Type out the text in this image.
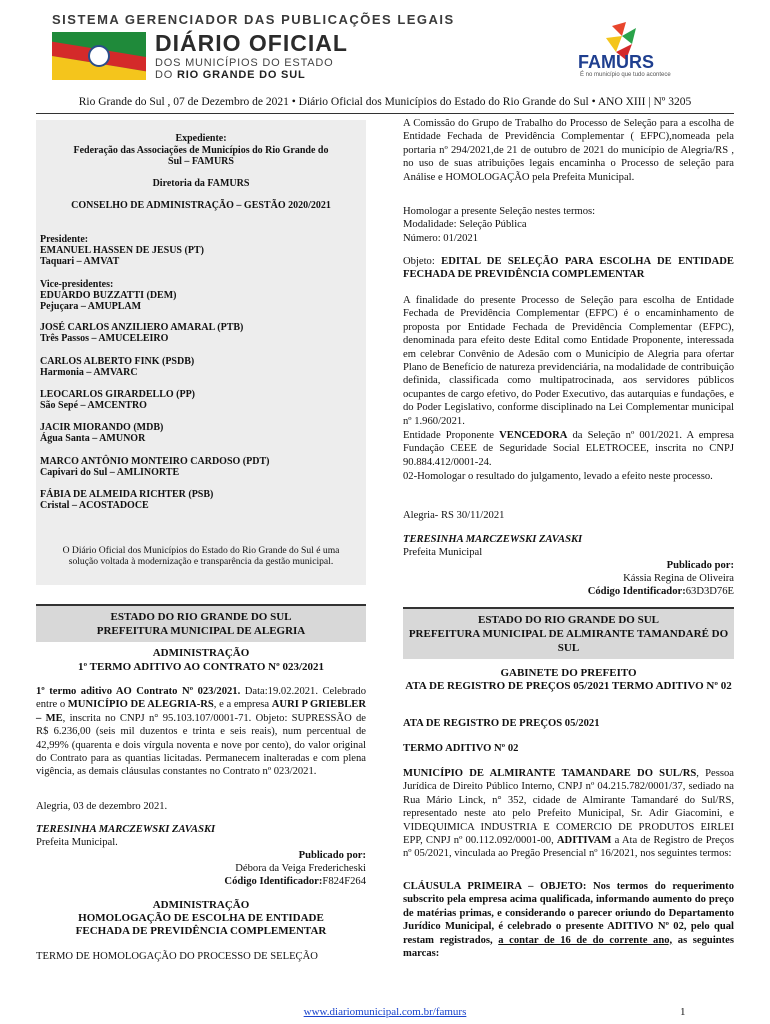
SISTEMA GERENCIADOR DAS PUBLICAÇÕES LEGAIS
DIÁRIO OFICIAL
DOS MUNICÍPIOS DO ESTADO
DO RIO GRANDE DO SUL
FAMURS
É no município que tudo acontece
Rio Grande do Sul , 07 de Dezembro de 2021 • Diário Oficial dos Municípios do Estado do Rio Grande do Sul • ANO XIII | Nº 3205
Expediente:
Federação das Associações de Municípios do Rio Grande do Sul – FAMURS
Diretoria da FAMURS
CONSELHO DE ADMINISTRAÇÃO – GESTÃO 2020/2021
Presidente:
EMANUEL HASSEN DE JESUS (PT)
Taquari – AMVAT
Vice-presidentes:
EDUARDO BUZZATTI (DEM)
Pejuçara – AMUPLAM
JOSÉ CARLOS ANZILIERO AMARAL (PTB)
Três Passos – AMUCELEIRO
CARLOS ALBERTO FINK (PSDB)
Harmonia – AMVARC
LEOCARLOS GIRARDELLO (PP)
São Sepé – AMCENTRO
JACIR MIORANDO (MDB)
Água Santa – AMUNOR
MARCO ANTÔNIO MONTEIRO CARDOSO (PDT)
Capivari do Sul – AMLINORTE
FÁBIA DE ALMEIDA RICHTER (PSB)
Cristal – ACOSTADOCE
O Diário Oficial dos Municípios do Estado do Rio Grande do Sul é uma solução voltada à modernização e transparência da gestão municipal.
ESTADO DO RIO GRANDE DO SUL
PREFEITURA MUNICIPAL DE ALEGRIA
ADMINISTRAÇÃO
1º TERMO ADITIVO AO CONTRATO Nº 023/2021

1º termo aditivo AO Contrato Nº 023/2021. Data:19.02.2021. Celebrado entre o MUNICÍPIO DE ALEGRIA-RS, e a empresa AURI P GRIEBLER – ME, inscrita no CNPJ n° 95.103.107/0001-71. Objeto: SUPRESSÃO de R$ 6.236,00 (seis mil duzentos e trinta e seis reais), num percentual de 42,99% (quarenta e dois vírgula noventa e nove por cento), do valor original do Contrato para as quantias licitadas. Permanecem inalteradas e com plena vigência, as demais cláusulas constantes no Contrato nº 023/2021.

Alegria, 03 de dezembro 2021.
TERESINHA MARCZEWSKI ZAVASKI
Prefeita Municipal.
Publicado por:
Débora da Veiga Fredericheski
Código Identificador:F824F264
ADMINISTRAÇÃO
HOMOLOGAÇÃO DE ESCOLHA DE ENTIDADE FECHADA DE PREVIDÊNCIA COMPLEMENTAR
TERMO DE HOMOLOGAÇÃO DO PROCESSO DE SELEÇÃO

A Comissão do Grupo de Trabalho do Processo de Seleção para a escolha de Entidade Fechada de Previdência Complementar ( EFPC),nomeada pela portaria nº 294/2021,de 21 de outubro de 2021 do município de Alegria/RS , no uso de suas atribuições legais encaminha o Processo de seleção para Análise e HOMOLOGAÇÃO pela Prefeita Municipal.

Homologar a presente Seleção nestes termos:
Modalidade: Seleção Pública
Número: 01/2021

Objeto: EDITAL DE SELEÇÃO PARA ESCOLHA DE ENTIDADE FECHADA DE PREVIDÊNCIA COMPLEMENTAR

A finalidade do presente Processo de Seleção para escolha de Entidade Fechada de Previdência Complementar (EFPC) é o encaminhamento de proposta por Entidade Fechada de Previdência Complementar (EFPC), denominada para efeito deste Edital como Entidade Proponente, interessada em celebrar Convênio de Adesão com o Município de Alegria para ofertar Plano de Benefício de natureza previdenciária, na modalidade de contribuição definida, classificada como multipatrocinada, aos servidores públicos ocupantes de cargo efetivo, do Poder Executivo, das autarquias e fundações, e do Poder Legislativo, conforme disciplinado na Lei Complementar municipal nº 1.960/2021.

Entidade Proponente VENCEDORA da Seleção nº 001/2021. A empresa Fundação CEEE de Seguridade Social ELETROCEE, inscrita no CNPJ 90.884.412/0001-24.

02-Homologar o resultado do julgamento, levado a efeito neste processo.

Alegria- RS 30/11/2021
TERESINHA MARCZEWSKI ZAVASKI
Prefeita Municipal
Publicado por:
Kássia Regina de Oliveira
Código Identificador:63D3D76E
ESTADO DO RIO GRANDE DO SUL
PREFEITURA MUNICIPAL DE ALMIRANTE TAMANDARÉ DO SUL
GABINETE DO PREFEITO
ATA DE REGISTRO DE PREÇOS 05/2021 TERMO ADITIVO Nº 02
ATA DE REGISTRO DE PREÇOS 05/2021
TERMO ADITIVO Nº 02

MUNICÍPIO DE ALMIRANTE TAMANDARE DO SUL/RS, Pessoa Jurídica de Direito Público Interno, CNPJ nº 04.215.782/0001/37, sediado na Rua Mário Linck, n° 352, cidade de Almirante Tamandaré do Sul/RS, representado neste ato pelo Prefeito Municipal, Sr. Adir Giacomini, e VIDEQUIMICA INDUSTRIA E COMERCIO DE PRODUTOS EIRLEI EPP, CNPJ nº 00.112.092/0001-00, ADITIVAM a Ata de Registro de Preços nº 05/2021, vinculada ao Pregão Presencial nº 16/2021, nos seguintes termos:

CLÁUSULA PRIMEIRA – OBJETO: Nos termos do requerimento subscrito pela empresa acima qualificada, informando aumento do preço de matérias primas, e considerando o parecer oriundo do Departamento Jurídico Municipal, é celebrado o presente ADITIVO Nº 02, pelo qual restam registrados, a contar de 16 de do corrente ano, as seguintes marcas:

www.diariomunicipal.com.br/famurs	1
